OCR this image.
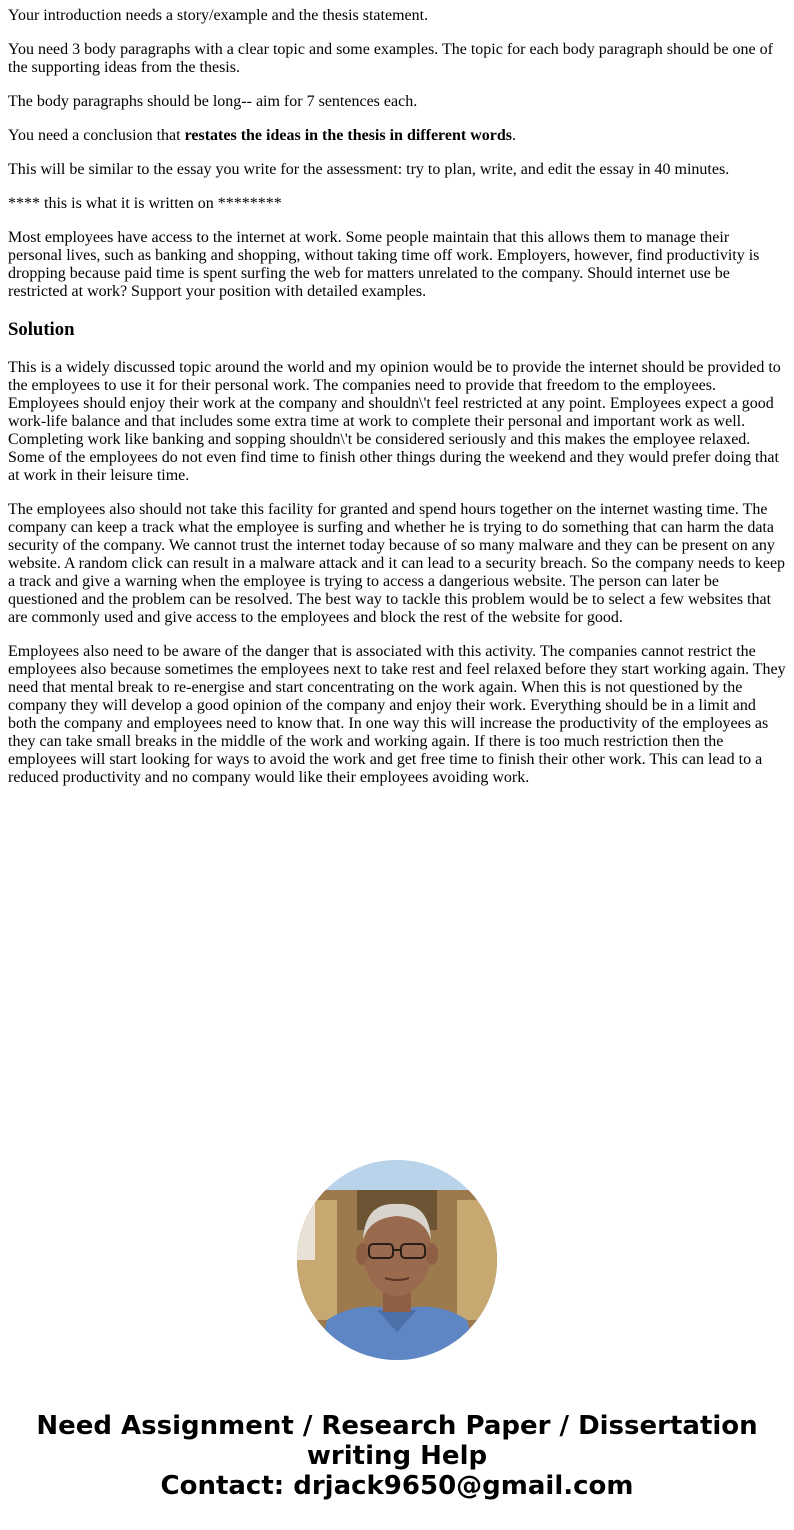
Your introduction needs a story/example and the thesis statement.

You need 3 body paragraphs with a clear topic and some examples. The topic for each body paragraph should be one of the supporting ideas from the thesis.

The body paragraphs should be long-- aim for 7 sentences each.

You need a conclusion that restates the ideas in the thesis in different words.

This will be similar to the essay you write for the assessment: try to plan, write, and edit the essay in 40 minutes.

**** this is what it is written on ********

Most employees have access to the internet at work. Some people maintain that this allows them to manage their personal lives, such as banking and shopping, without taking time off work. Employers, however, find productivity is dropping because paid time is spent surfing the web for matters unrelated to the company. Should internet use be restricted at work? Support your position with detailed examples.

Solution

This is a widely discussed topic around the world and my opinion would be to provide the internet should be provided to the employees to use it for their personal work. The companies need to provide that freedom to the employees. Employees should enjoy their work at the company and shouldn\'t feel restricted at any point. Employees expect a good work-life balance and that includes some extra time at work to complete their personal and important work as well. Completing work like banking and sopping shouldn\'t be considered seriously and this makes the employee relaxed. Some of the employees do not even find time to finish other things during the weekend and they would prefer doing that at work in their leisure time.

The employees also should not take this facility for granted and spend hours together on the internet wasting time. The company can keep a track what the employee is surfing and whether he is trying to do something that can harm the data security of the company. We cannot trust the internet today because of so many malware and they can be present on any website. A random click can result in a malware attack and it can lead to a security breach. So the company needs to keep a track and give a warning when the employee is trying to access a dangerious website. The person can later be questioned and the problem can be resolved. The best way to tackle this problem would be to select a few websites that are commonly used and give access to the employees and block the rest of the website for good.

Employees also need to be aware of the danger that is associated with this activity. The companies cannot restrict the employees also because sometimes the employees next to take rest and feel relaxed before they start working again. They need that mental break to re-energise and start concentrating on the work again. When this is not questioned by the company they will develop a good opinion of the company and enjoy their work. Everything should be in a limit and both the company and employees need to know that. In one way this will increase the productivity of the employees as they can take small breaks in the middle of the work and working again. If there is too much restriction then the employees will start looking for ways to avoid the work and get free time to finish their other work. This can lead to a reduced productivity and no company would like their employees avoiding work.

Need Assignment / Research Paper / Dissertation
writing Help
Contact: drjack9650@gmail.com
